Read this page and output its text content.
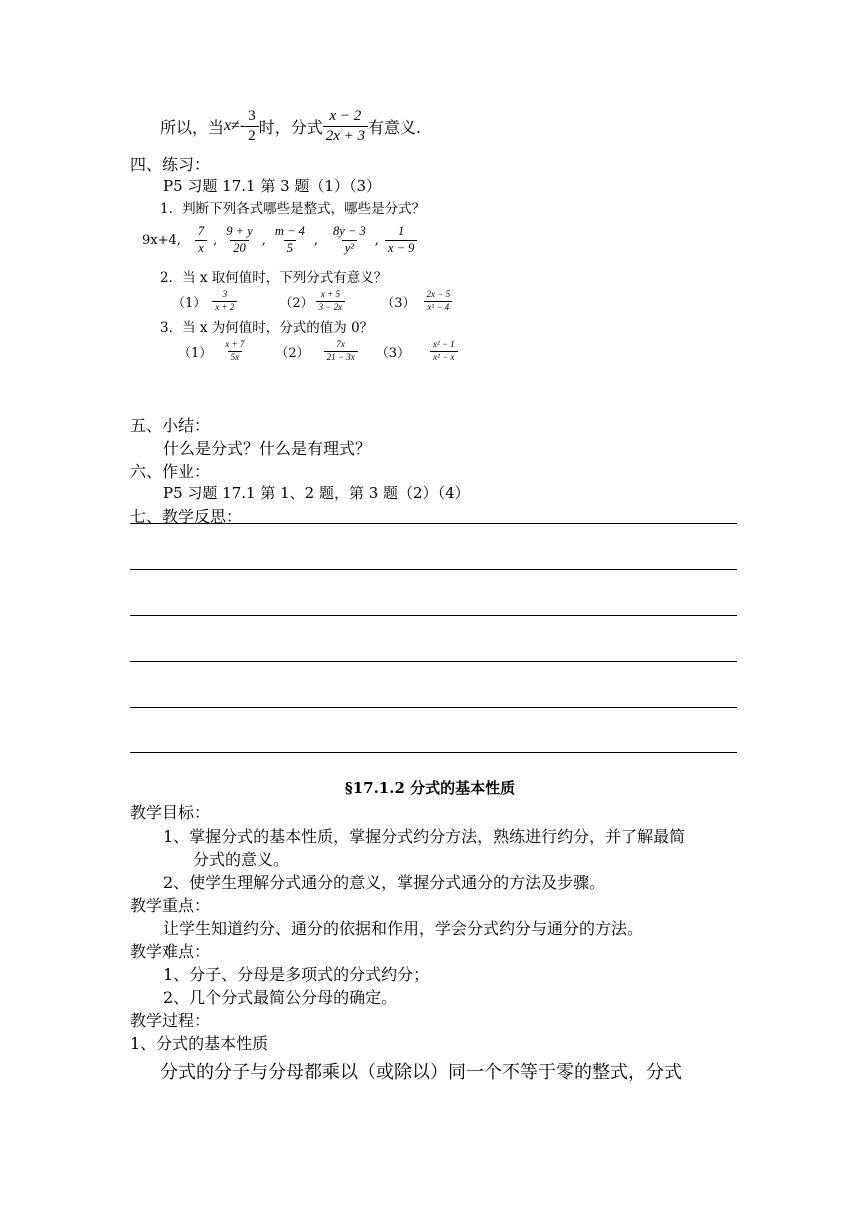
所以，当 $x \ne- \frac{3}{2}$ 时，分式 $\frac{x - 2}{2x + 3}$ 有意义.
四、练习：
P5 习题 17.1 第 3 题（1）（3）
1．判断下列各式哪些是整式，哪些是分式？
9x+4, $\frac{7}{x}$ , $\frac{9 + y}{20}$ , $\frac{m - 4}{5}$ , $\frac{8y - 3}{\text{y²}}$ , $\frac{1}{x - 9}$
2．当 x 取何值时，下列分式有意义？
$(1) \frac{3}{x + 2}$	$(2) \frac{x + 5}{3 - 2x}$	$(3) \frac{2x - 5}{\text{x² − 4}}$
3．当 x 为何值时，分式的值为 0？
$(1) \frac{x + 7}{5x} (2) \frac{7x}{21 - 3x} (3) \frac{\text{x² − 1}}{\text{x² − x}}$
五、小结：
什么是分式？什么是有理式？
六、作业：
P5 习题 17.1 第 1、2 题，第 3 题（2）（4）
七、教学反思：
§17.1.2 分式的基本性质
教学目标：
1、掌握分式的基本性质，掌握分式约分方法，熟练进行约分，并了解最简
分式的意义。
2、使学生理解分式通分的意义，掌握分式通分的方法及步骤。
教学重点：
让学生知道约分、通分的依据和作用，学会分式约分与通分的方法。
教学难点：
1、分子、分母是多项式的分式约分；
2、几个分式最简公分母的确定。
教学过程：
1、分式的基本性质
分式的分子与分母都乘以（或除以）同一个不等于零的整式，分式
